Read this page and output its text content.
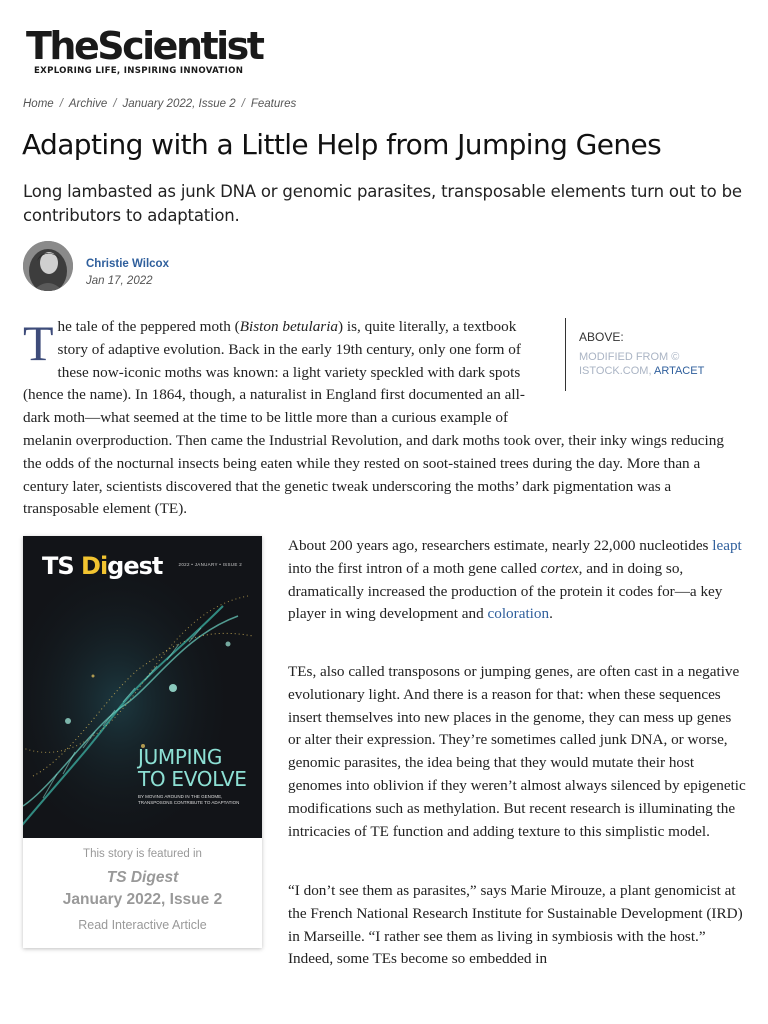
TheScientist
EXPLORING LIFE, INSPIRING INNOVATION
Home / Archive / January 2022, Issue 2 / Features
Adapting with a Little Help from Jumping Genes

Long lambasted as junk DNA or genomic parasites, transposable elements turn out to be contributors to adaptation.

Christie Wilcox
Jan 17, 2022
The tale of the peppered moth (Biston betularia) is, quite literally, a textbook story of adaptive evolution. Back in the early 19th century, only one form of these now-iconic moths was known: a light variety speckled with dark spots (hence the name). In 1864, though, a naturalist in England first documented an all-dark moth—what seemed at the time to be little more than a curious example of melanin overproduction. Then came the Industrial Revolution, and dark moths took over, their inky wings reducing the odds of the nocturnal insects being eaten while they rested on soot-stained trees during the day. More than a century later, scientists discovered that the genetic tweak underscoring the moths’ dark pigmentation was a transposable element (TE).
ABOVE:
MODIFIED FROM © ISTOCK.COM, ARTACET
TS Digest	2022 • JANUARY • ISSUE 2
JUMPING
TO EVOLVE
BY MOVING AROUND IN THE GENOME, TRANSPOSONS CONTRIBUTE TO ADAPTATION
This story is featured in
TS Digest
January 2022, Issue 2
Read Interactive Article

About 200 years ago, researchers estimate, nearly 22,000 nucleotides leapt into the first intron of a moth gene called cortex, and in doing so, dramatically increased the production of the protein it codes for—a key player in wing development and coloration.

TEs, also called transposons or jumping genes, are often cast in a negative evolutionary light. And there is a reason for that: when these sequences insert themselves into new places in the genome, they can mess up genes or alter their expression. They’re sometimes called junk DNA, or worse, genomic parasites, the idea being that they would mutate their host genomes into oblivion if they weren’t almost always silenced by epigenetic modifications such as methylation. But recent research is illuminating the intricacies of TE function and adding texture to this simplistic model.

“I don’t see them as parasites,” says Marie Mirouze, a plant genomicist at the French National Research Institute for Sustainable Development (IRD) in Marseille. “I rather see them as living in symbiosis with the host.” Indeed, some TEs become so embedded in
